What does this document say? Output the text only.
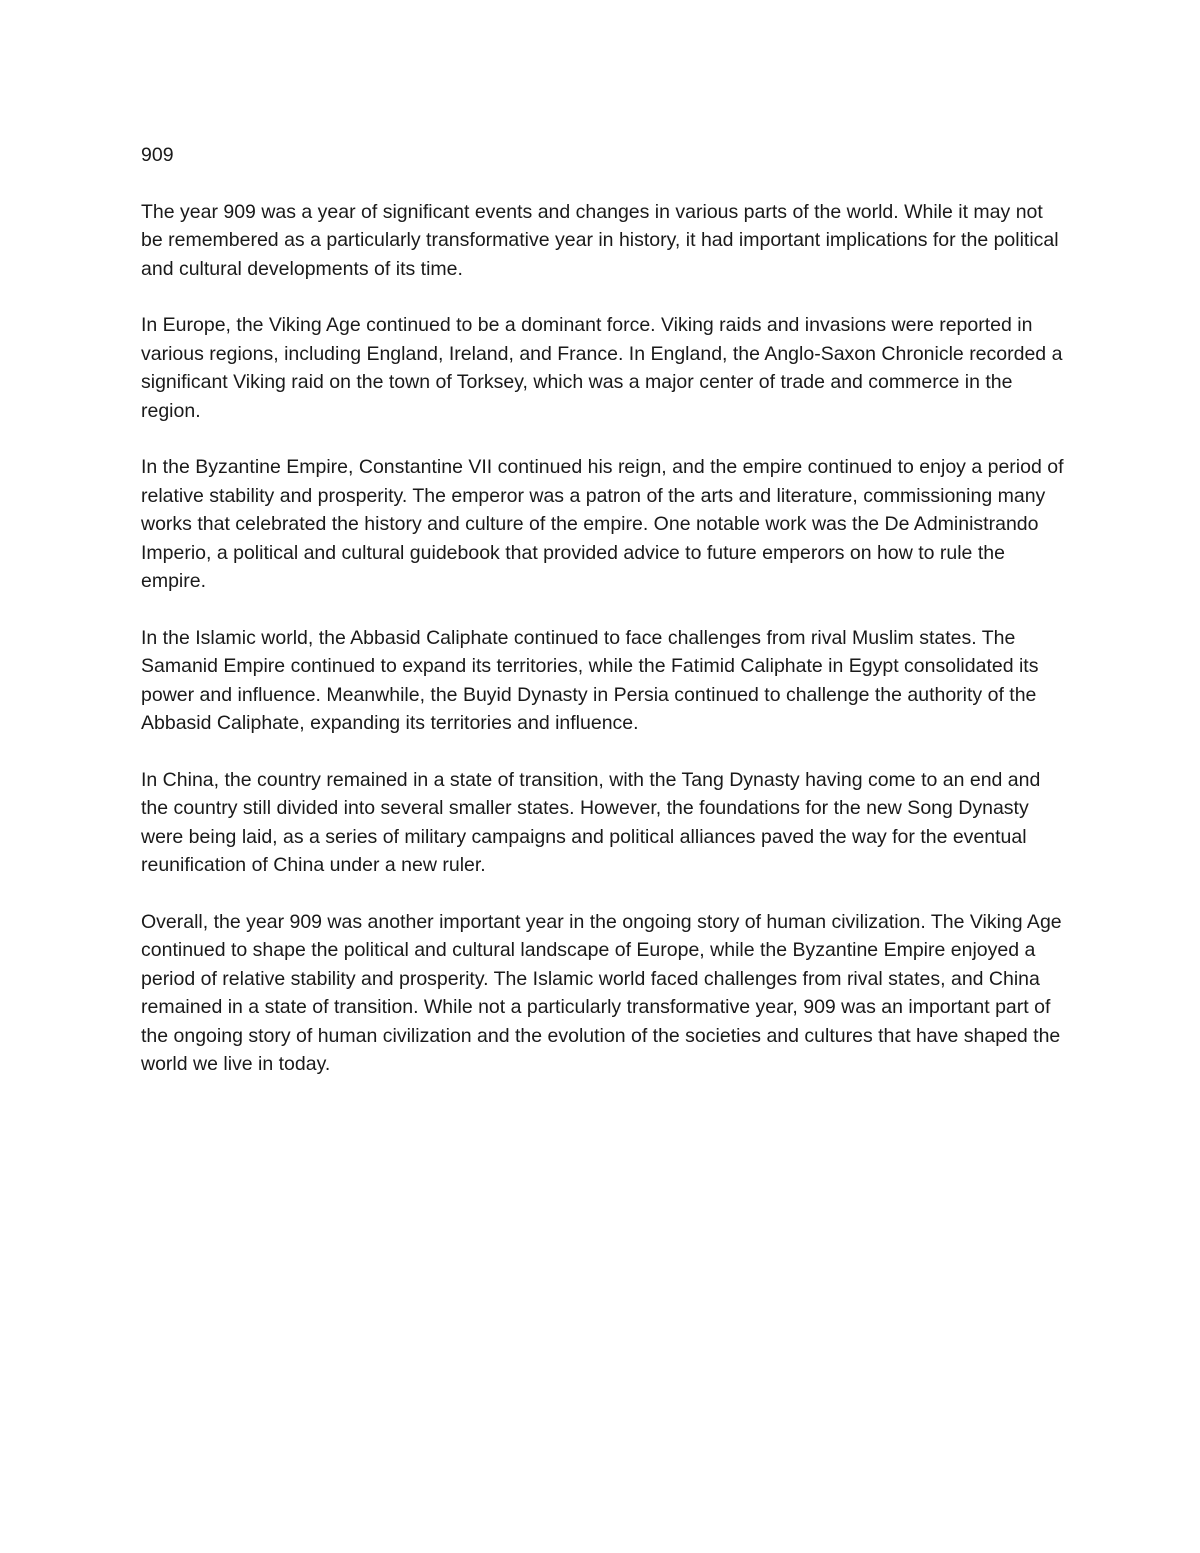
909

The year 909 was a year of significant events and changes in various parts of the world. While it may not be remembered as a particularly transformative year in history, it had important implications for the political and cultural developments of its time.

In Europe, the Viking Age continued to be a dominant force. Viking raids and invasions were reported in various regions, including England, Ireland, and France. In England, the Anglo-Saxon Chronicle recorded a significant Viking raid on the town of Torksey, which was a major center of trade and commerce in the region.

In the Byzantine Empire, Constantine VII continued his reign, and the empire continued to enjoy a period of relative stability and prosperity. The emperor was a patron of the arts and literature, commissioning many works that celebrated the history and culture of the empire. One notable work was the De Administrando Imperio, a political and cultural guidebook that provided advice to future emperors on how to rule the empire.

In the Islamic world, the Abbasid Caliphate continued to face challenges from rival Muslim states. The Samanid Empire continued to expand its territories, while the Fatimid Caliphate in Egypt consolidated its power and influence. Meanwhile, the Buyid Dynasty in Persia continued to challenge the authority of the Abbasid Caliphate, expanding its territories and influence.

In China, the country remained in a state of transition, with the Tang Dynasty having come to an end and the country still divided into several smaller states. However, the foundations for the new Song Dynasty were being laid, as a series of military campaigns and political alliances paved the way for the eventual reunification of China under a new ruler.

Overall, the year 909 was another important year in the ongoing story of human civilization. The Viking Age continued to shape the political and cultural landscape of Europe, while the Byzantine Empire enjoyed a period of relative stability and prosperity. The Islamic world faced challenges from rival states, and China remained in a state of transition. While not a particularly transformative year, 909 was an important part of the ongoing story of human civilization and the evolution of the societies and cultures that have shaped the world we live in today.
